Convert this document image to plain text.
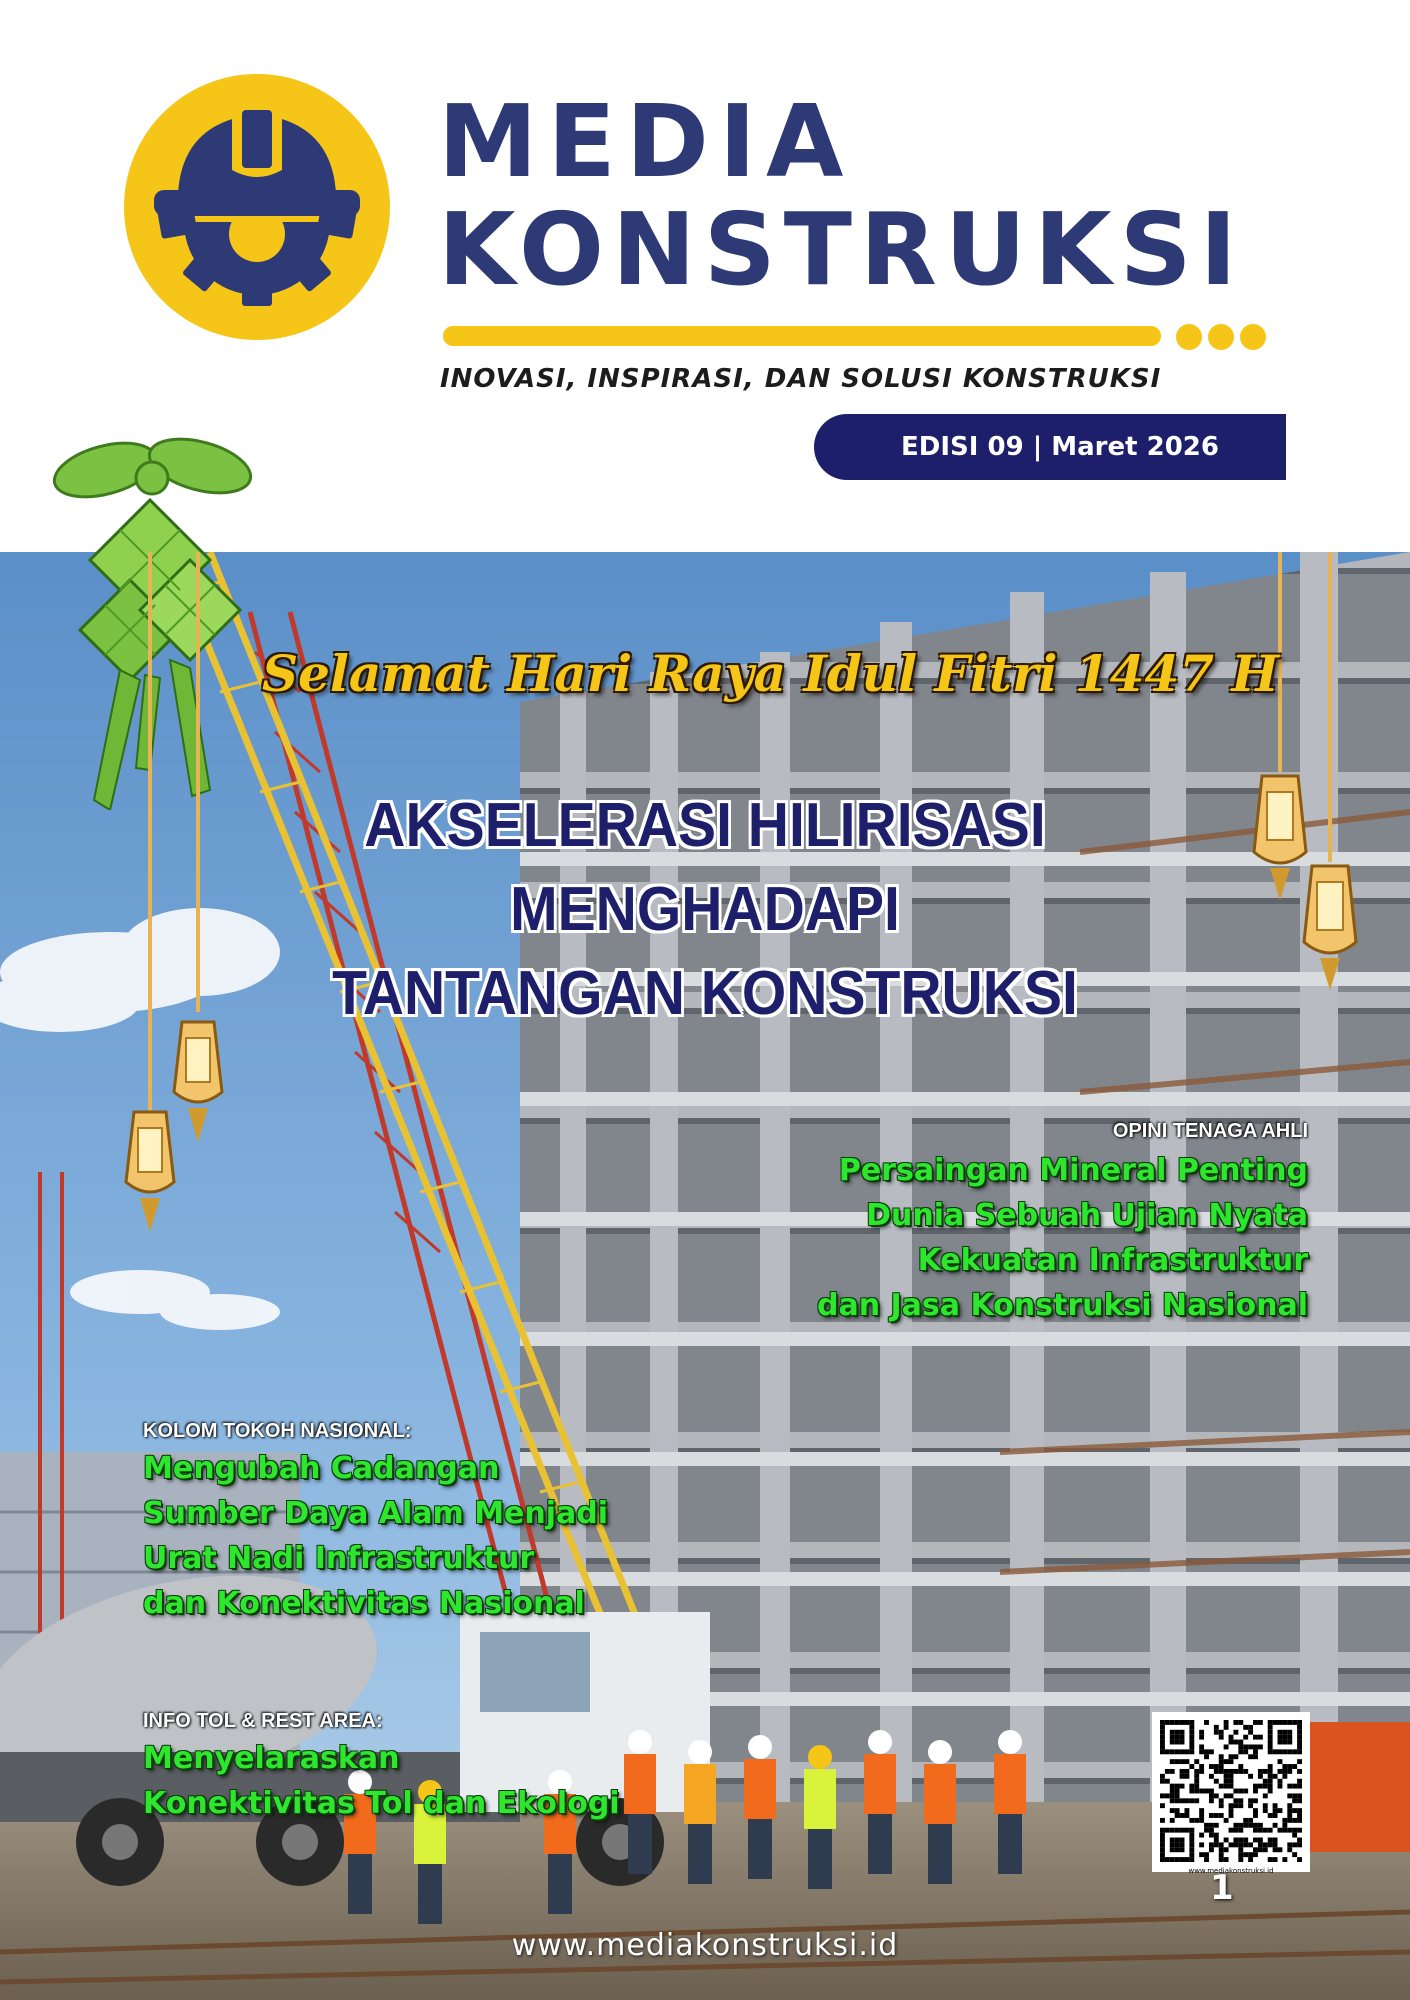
MEDIA
KONSTRUKSI
INOVASI, INSPIRASI, DAN SOLUSI KONSTRUKSI
EDISI 09 | Maret 2026
Selamat Hari Raya Idul Fitri 1447 H
AKSELERASI HILIRISASI MENGHADAPI
TANTANGAN KONSTRUKSI
OPINI TENAGA AHLI
Persaingan Mineral Penting
Dunia Sebuah Ujian Nyata
Kekuatan Infrastruktur
dan Jasa Konstruksi Nasional
KOLOM TOKOH NASIONAL:
Mengubah Cadangan
Sumber Daya Alam Menjadi
Urat Nadi Infrastruktur
dan Konektivitas Nasional
INFO TOL & REST AREA:
Menyelaraskan
Konektivitas Tol dan Ekologi
www.mediakonstruksi.id
1
www.mediakonstruksi.id
